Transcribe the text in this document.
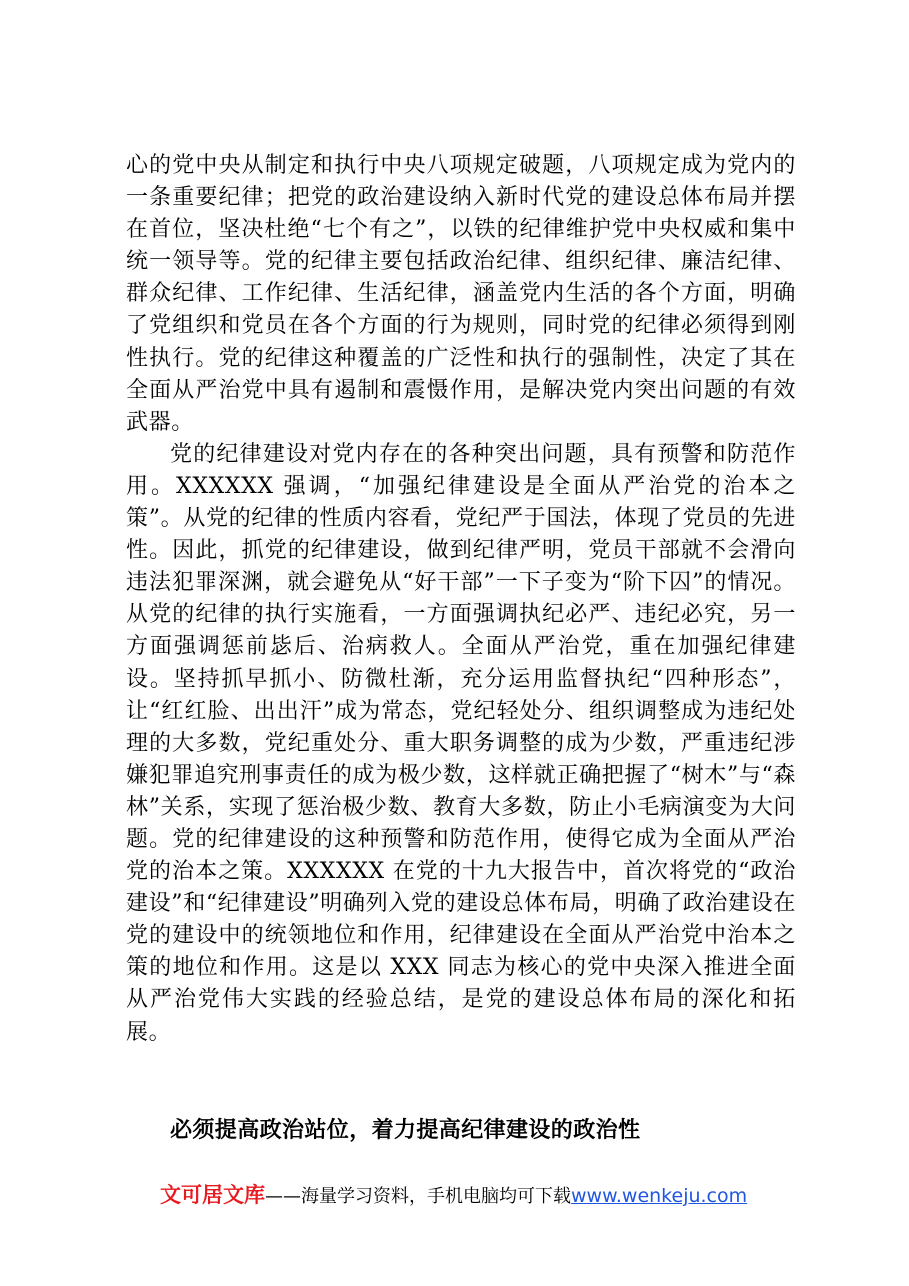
心的党中央从制定和执行中央八项规定破题，八项规定成为党内的一条重要纪律；把党的政治建设纳入新时代党的建设总体布局并摆在首位，坚决杜绝“七个有之”，以铁的纪律维护党中央权威和集中统一领导等。党的纪律主要包括政治纪律、组织纪律、廉洁纪律、群众纪律、工作纪律、生活纪律，涵盖党内生活的各个方面，明确了党组织和党员在各个方面的行为规则，同时党的纪律必须得到刚性执行。党的纪律这种覆盖的广泛性和执行的强制性，决定了其在全面从严治党中具有遏制和震慑作用，是解决党内突出问题的有效武器。

党的纪律建设对党内存在的各种突出问题，具有预警和防范作用。XXXXXX 强调，“加强纪律建设是全面从严治党的治本之策”。从党的纪律的性质内容看，党纪严于国法，体现了党员的先进性。因此，抓党的纪律建设，做到纪律严明，党员干部就不会滑向违法犯罪深渊，就会避免从“好干部”一下子变为“阶下囚”的情况。从党的纪律的执行实施看，一方面强调执纪必严、违纪必究，另一方面强调惩前毖后、治病救人。全面从严治党，重在加强纪律建设。坚持抓早抓小、防微杜渐，充分运用监督执纪“四种形态”，让“红红脸、出出汗”成为常态，党纪轻处分、组织调整成为违纪处理的大多数，党纪重处分、重大职务调整的成为少数，严重违纪涉嫌犯罪追究刑事责任的成为极少数，这样就正确把握了“树木”与“森林”关系，实现了惩治极少数、教育大多数，防止小毛病演变为大问题。党的纪律建设的这种预警和防范作用，使得它成为全面从严治党的治本之策。XXXXXX 在党的十九大报告中，首次将党的“政治建设”和“纪律建设”明确列入党的建设总体布局，明确了政治建设在党的建设中的统领地位和作用，纪律建设在全面从严治党中治本之策的地位和作用。这是以 XXX 同志为核心的党中央深入推进全面从严治党伟大实践的经验总结，是党的建设总体布局的深化和拓展。

必须提高政治站位，着力提高纪律建设的政治性
文可居文库——海量学习资料，手机电脑均可下载www.wenkeju.com
